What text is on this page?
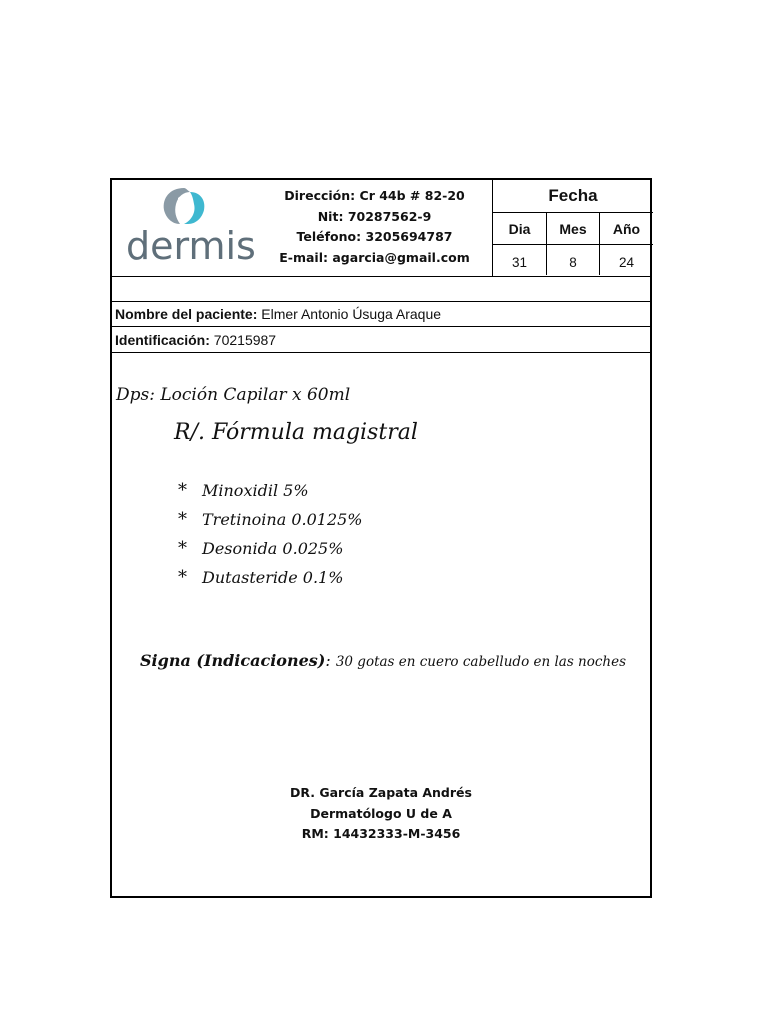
dermis
Dirección: Cr 44b # 82-20
Nit: 70287562-9
Teléfono: 3205694787
E-mail: agarcia@gmail.com
Fecha
Dia	Mes	Año
31	8	24
Nombre del paciente: Elmer Antonio Úsuga Araque
Identificación: 70215987
Dps: Loción Capilar x 60ml
R/. Fórmula magistral
* Minoxidil 5%
* Tretinoina 0.0125%
* Desonida 0.025%
* Dutasteride 0.1%
Signa (Indicaciones): 30 gotas en cuero cabelludo en las noches
DR. García Zapata Andrés
Dermatólogo U de A
RM: 14432333-M-3456
